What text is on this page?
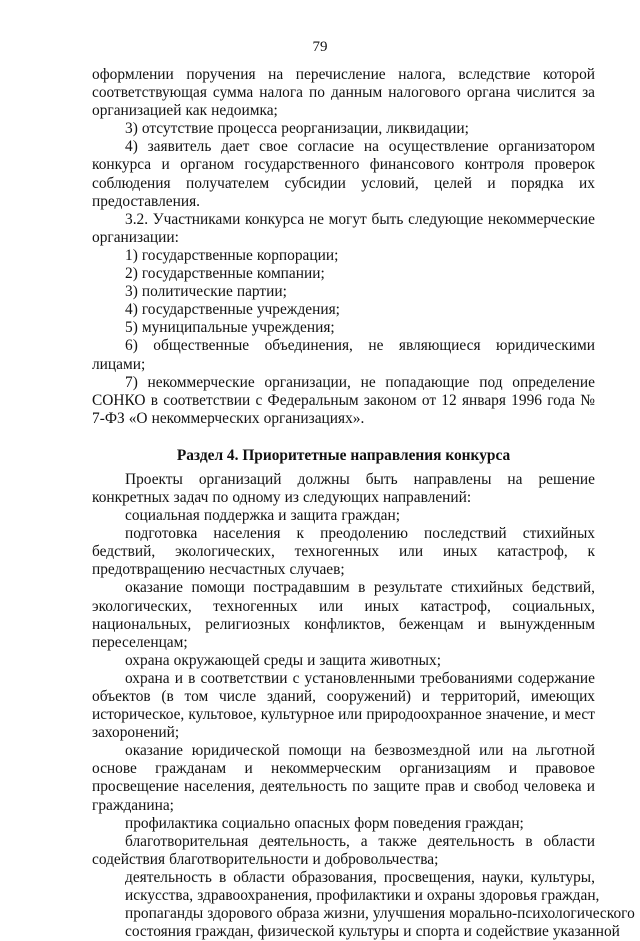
79

оформлении поручения на перечисление налога, вследствие которой соответствующая сумма налога по данным налогового органа числится за организацией как недоимка;

3) отсутствие процесса реорганизации, ликвидации;

4) заявитель дает свое согласие на осуществление организатором конкурса и органом государственного финансового контроля проверок соблюдения получателем субсидии условий, целей и порядка их предоставления.

3.2. Участниками конкурса не могут быть следующие некоммерческие организации:

1) государственные корпорации;

2) государственные компании;

3) политические партии;

4) государственные учреждения;

5) муниципальные учреждения;

6) общественные объединения, не являющиеся юридическими лицами;

7) некоммерческие организации, не попадающие под определение СОНКО в соответствии с Федеральным законом от 12 января 1996 года № 7-ФЗ «О некоммерческих организациях».

Раздел 4. Приоритетные направления конкурса

Проекты организаций должны быть направлены на решение конкретных задач по одному из следующих направлений:

социальная поддержка и защита граждан;

подготовка населения к преодолению последствий стихийных бедствий, экологических, техногенных или иных катастроф, к предотвращению несчастных случаев;

оказание помощи пострадавшим в результате стихийных бедствий, экологических, техногенных или иных катастроф, социальных, национальных, религиозных конфликтов, беженцам и вынужденным переселенцам;

охрана окружающей среды и защита животных;

охрана и в соответствии с установленными требованиями содержание объектов (в том числе зданий, сооружений) и территорий, имеющих историческое, культовое, культурное или природоохранное значение, и мест захоронений;

оказание юридической помощи на безвозмездной или на льготной основе гражданам и некоммерческим организациям и правовое просвещение населения, деятельность по защите прав и свобод человека и гражданина;

профилактика социально опасных форм поведения граждан;

благотворительная деятельность, а также деятельность в области содействия благотворительности и добровольчества;

деятельность в области образования, просвещения, науки, культуры,
искусства, здравоохранения, профилактики и охраны здоровья граждан,
пропаганды здорового образа жизни, улучшения морально-психологического
состояния граждан, физической культуры и спорта и содействие указанной
